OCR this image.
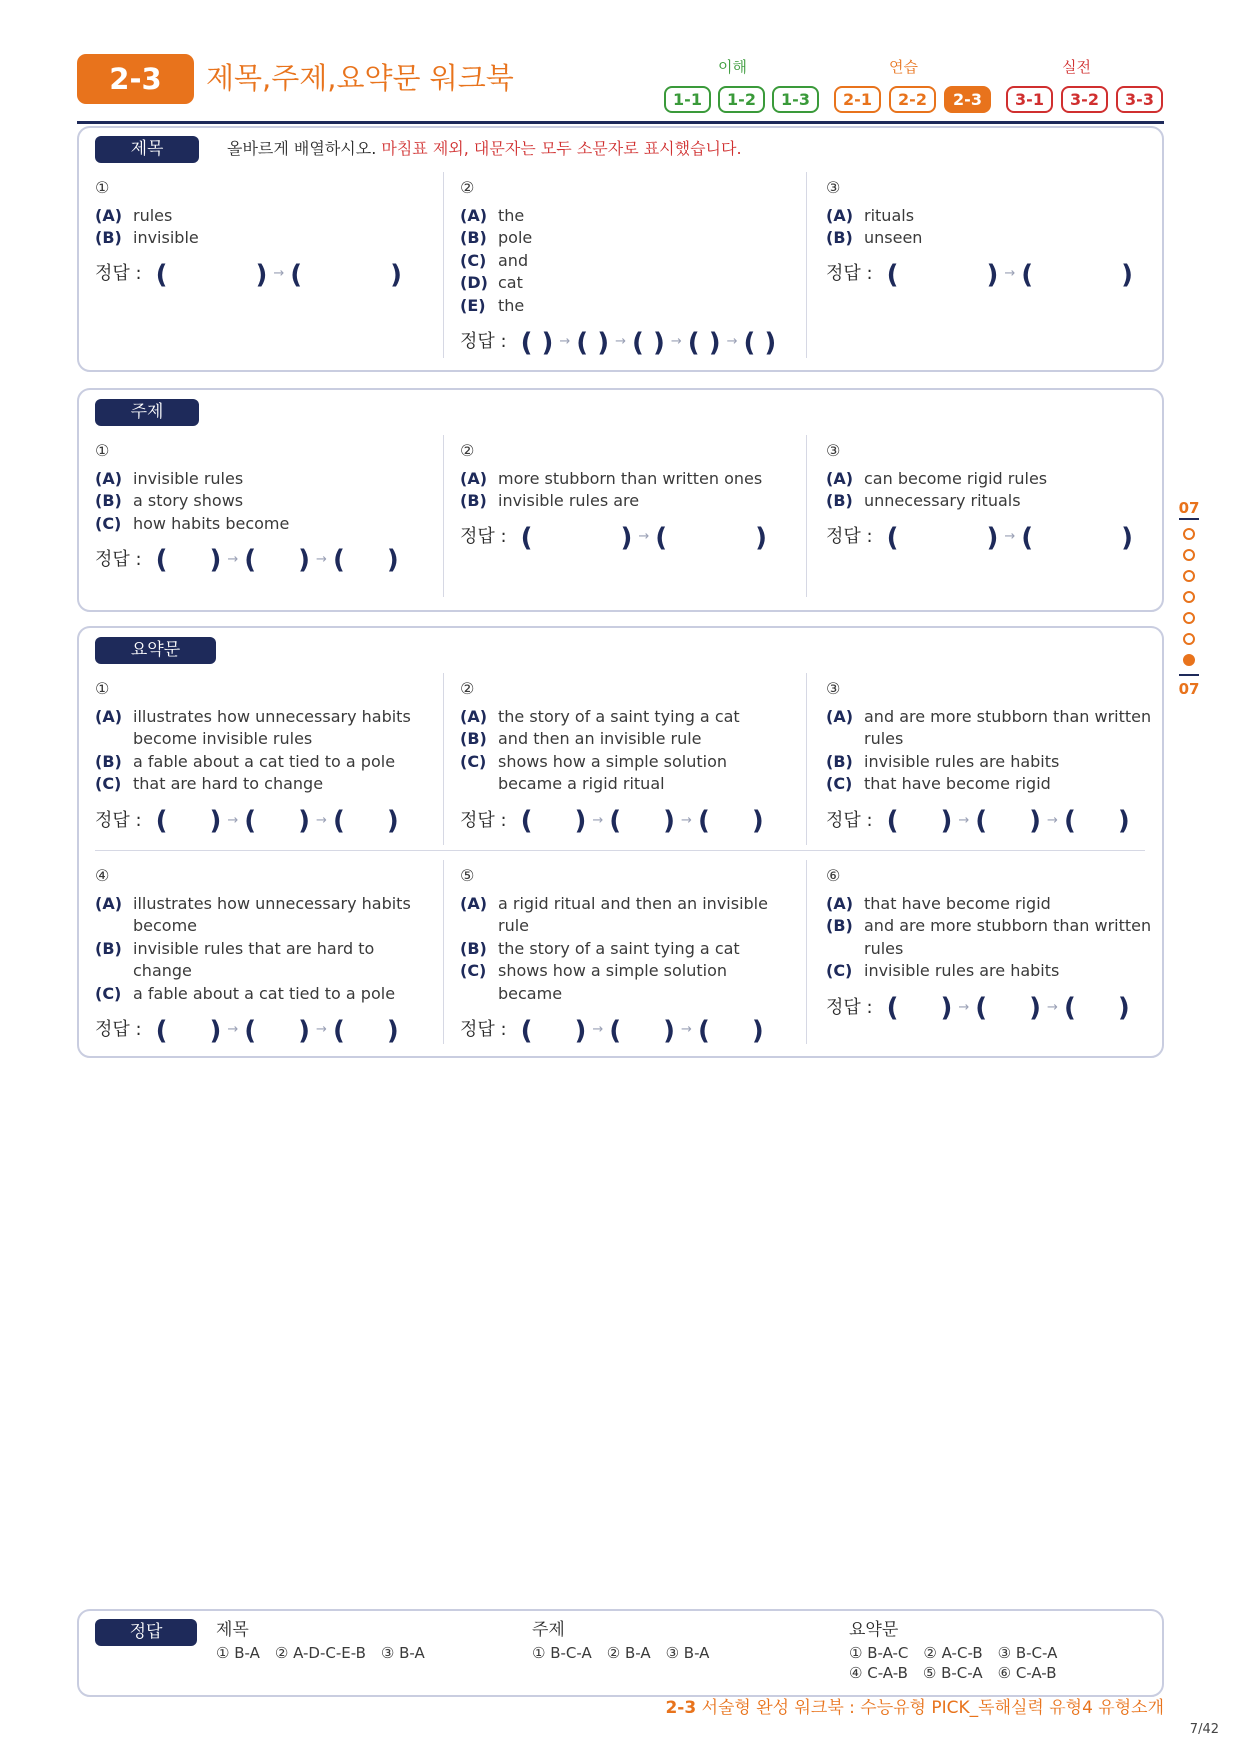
2-3	제목,주제,요약문 워크북	이해	연습	실전
1-1	1-2	1-3	2-1	2-2	2-3	3-1	3-2	3-3
제목	올바르게 배열하시오. 마침표 제외, 대문자는 모두 소문자로 표시했습니다.
①
(A) rules
(B) invisible
정답 : (	) → (	)
②
(A) the
(B) pole
(C) and
(D) cat
(E) the
정답 : ( ) → ( ) → ( ) → ( ) → ( )
③
(A) rituals
(B) unseen
정답 : (	) → (	)
주제
①
(A) invisible rules
(B) a story shows
(C) how habits become
정답 : ( ) → ( ) → ( )
②
(A) more stubborn than written ones
(B) invisible rules are
정답 : (	) → (	)
③
(A) can become rigid rules
(B) unnecessary rituals
정답 : (	) → (	)
요약문
①
(A) illustrates how unnecessary habits become invisible rules
(B) a fable about a cat tied to a pole
(C) that are hard to change
정답 : ( ) → ( ) → ( )
②
(A) the story of a saint tying a cat
(B) and then an invisible rule
(C) shows how a simple solution became a rigid ritual
정답 : ( ) → ( ) → ( )
③
(A) and are more stubborn than written rules
(B) invisible rules are habits
(C) that have become rigid
정답 : ( ) → ( ) → ( )
④
(A) illustrates how unnecessary habits become
(B) invisible rules that are hard to change
(C) a fable about a cat tied to a pole
정답 : ( ) → ( ) → ( )
⑤
(A) a rigid ritual and then an invisible rule
(B) the story of a saint tying a cat
(C) shows how a simple solution became
정답 : ( ) → ( ) → ( )
⑥
(A) that have become rigid
(B) and are more stubborn than written rules
(C) invisible rules are habits
정답 : ( ) → ( ) → ( )
07
07
정답	제목
① B-A　② A-D-C-E-B　③ B-A
주제
① B-C-A　② B-A　③ B-A
요약문
① B-A-C　② A-C-B　③ B-C-A
④ C-A-B　⑤ B-C-A　⑥ C-A-B
2-3 서술형 완성 워크북 : 수능유형 PICK_독해실력 유형4 유형소개
7/42
